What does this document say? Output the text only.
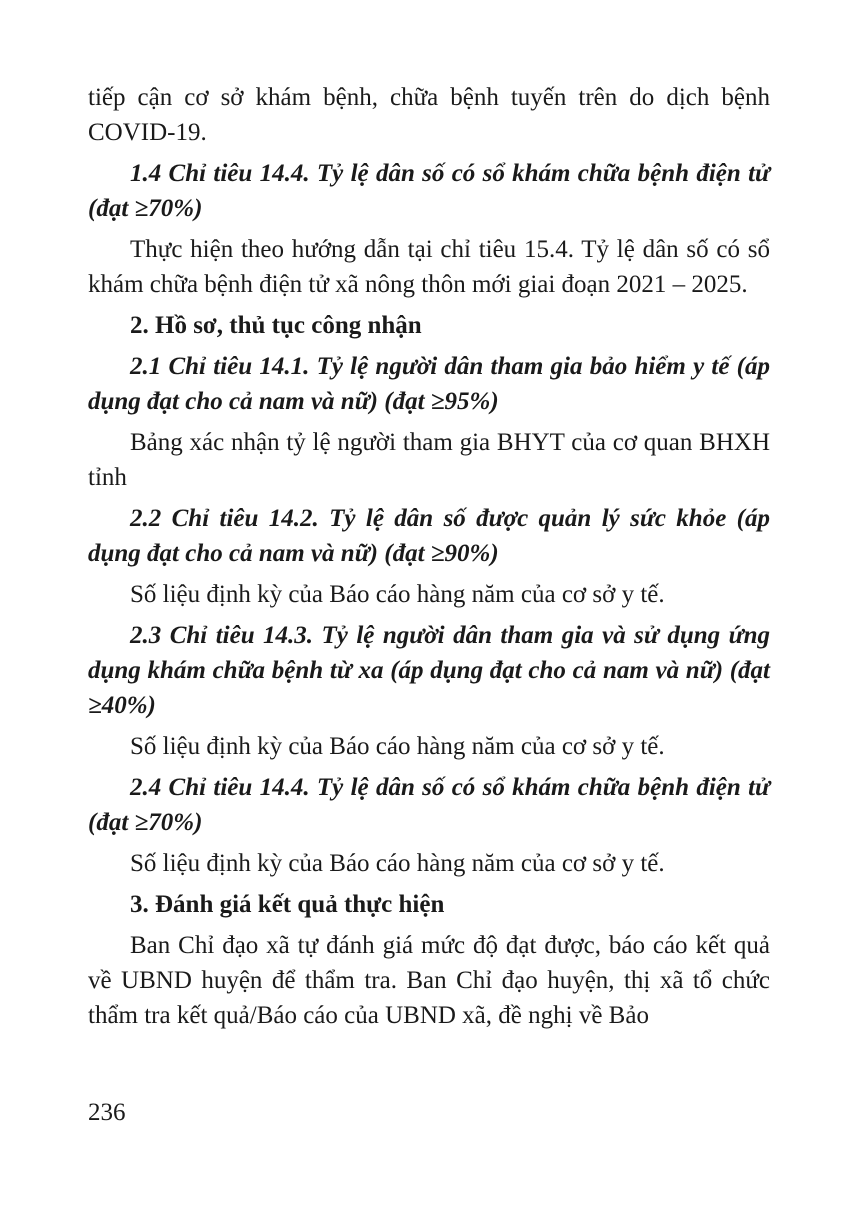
tiếp cận cơ sở khám bệnh, chữa bệnh tuyến trên do dịch bệnh COVID-19.

1.4 Chỉ tiêu 14.4. Tỷ lệ dân số có sổ khám chữa bệnh điện tử (đạt ≥70%)

Thực hiện theo hướng dẫn tại chỉ tiêu 15.4. Tỷ lệ dân số có sổ khám chữa bệnh điện tử xã nông thôn mới giai đoạn 2021 – 2025.

2. Hồ sơ, thủ tục công nhận

2.1 Chỉ tiêu 14.1. Tỷ lệ người dân tham gia bảo hiểm y tế (áp dụng đạt cho cả nam và nữ) (đạt ≥95%)

Bảng xác nhận tỷ lệ người tham gia BHYT của cơ quan BHXH tỉnh

2.2 Chỉ tiêu 14.2. Tỷ lệ dân số được quản lý sức khỏe (áp dụng đạt cho cả nam và nữ) (đạt ≥90%)

Số liệu định kỳ của Báo cáo hàng năm của cơ sở y tế.

2.3 Chỉ tiêu 14.3. Tỷ lệ người dân tham gia và sử dụng ứng dụng khám chữa bệnh từ xa (áp dụng đạt cho cả nam và nữ) (đạt ≥40%)

Số liệu định kỳ của Báo cáo hàng năm của cơ sở y tế.

2.4 Chỉ tiêu 14.4. Tỷ lệ dân số có sổ khám chữa bệnh điện tử (đạt ≥70%)

Số liệu định kỳ của Báo cáo hàng năm của cơ sở y tế.

3. Đánh giá kết quả thực hiện

Ban Chỉ đạo xã tự đánh giá mức độ đạt được, báo cáo kết quả về UBND huyện để thẩm tra. Ban Chỉ đạo huyện, thị xã tổ chức thẩm tra kết quả/Báo cáo của UBND xã, đề nghị về Bảo

236
